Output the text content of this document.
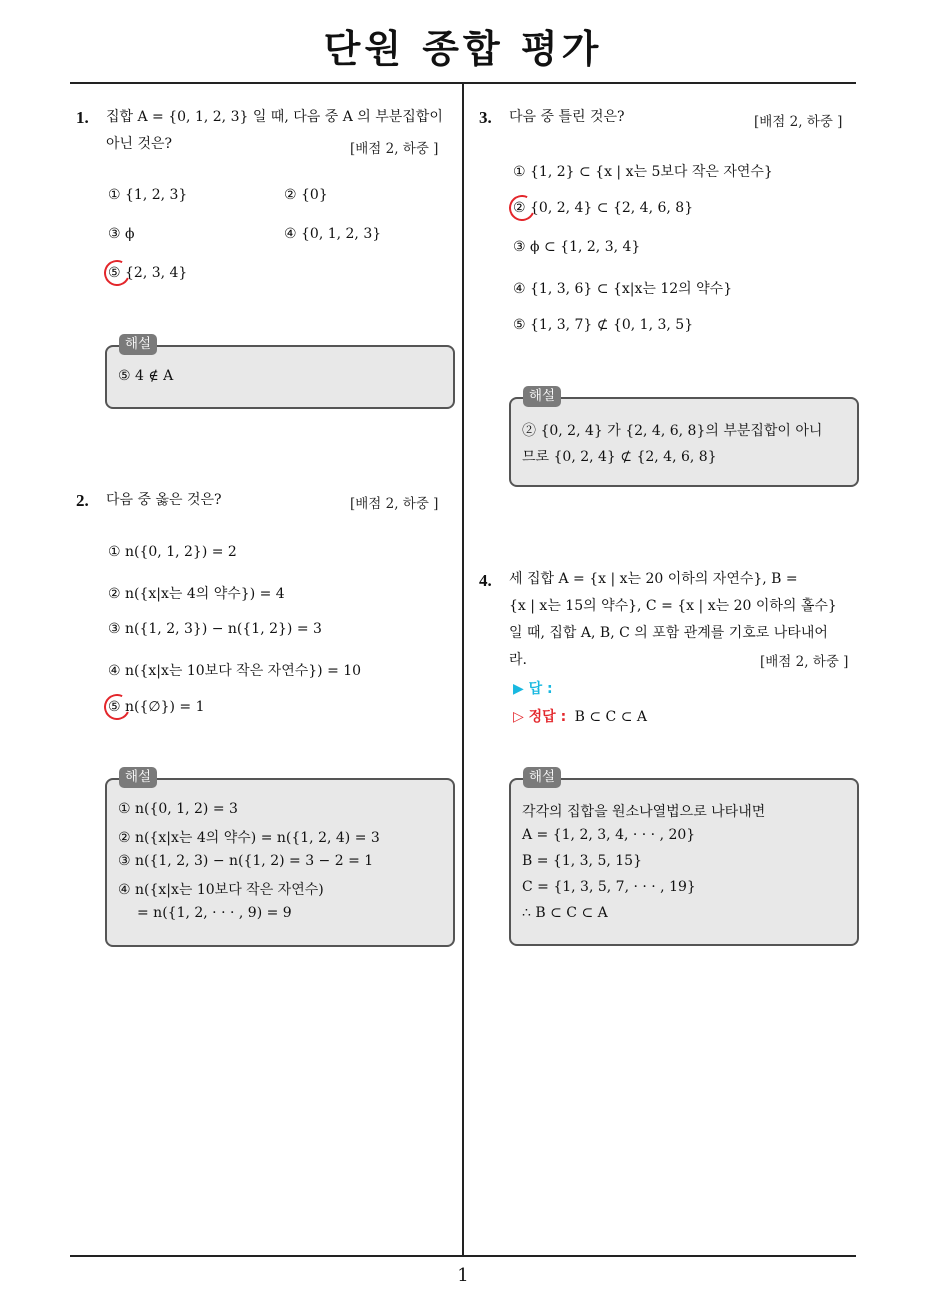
단원 종합 평가
1
1. 집합 A = {0, 1, 2, 3} 일 때, 다음 중 A 의 부분집합이
아닌 것은?	[배점 2, 하중 ]
① {1, 2, 3}	② {0}
③ ϕ	④ {0, 1, 2, 3}
⑤ {2, 3, 4}
해설
⑤ 4 ∉ A
2. 다음 중 옳은 것은?	[배점 2, 하중 ]
① n({0, 1, 2}) = 2
② n({x|x는 4의 약수}) = 4
③ n({1, 2, 3}) − n({1, 2}) = 3
④ n({x|x는 10보다 작은 자연수}) = 10
⑤ n({∅}) = 1
해설
① n({0, 1, 2) = 3
② n({x|x는 4의 약수) = n({1, 2, 4) = 3
③ n({1, 2, 3) − n({1, 2) = 3 − 2 = 1
④ n({x|x는 10보다 작은 자연수)
= n({1, 2, · · · , 9) = 9
3. 다음 중 틀린 것은?	[배점 2, 하중 ]
① {1, 2} ⊂ {x | x는 5보다 작은 자연수}
② {0, 2, 4} ⊂ {2, 4, 6, 8}
③ ϕ ⊂ {1, 2, 3, 4}
④ {1, 3, 6} ⊂ {x|x는 12의 약수}
⑤ {1, 3, 7} ⊄ {0, 1, 3, 5}
해설
② {0, 2, 4} 가 {2, 4, 6, 8}의 부분집합이 아니
므로 {0, 2, 4} ⊄ {2, 4, 6, 8}
4. 세 집합 A = {x | x는 20 이하의 자연수}, B =
{x | x는 15의 약수}, C = {x | x는 20 이하의 홀수}
일 때, 집합 A, B, C 의 포함 관계를 기호로 나타내어
라.	[배점 2, 하중 ]
▶ 답 :
▷ 정답 : B ⊂ C ⊂ A
해설
각각의 집합을 원소나열법으로 나타내면
A = {1, 2, 3, 4, · · · , 20}
B = {1, 3, 5, 15}
C = {1, 3, 5, 7, · · · , 19}
∴ B ⊂ C ⊂ A
